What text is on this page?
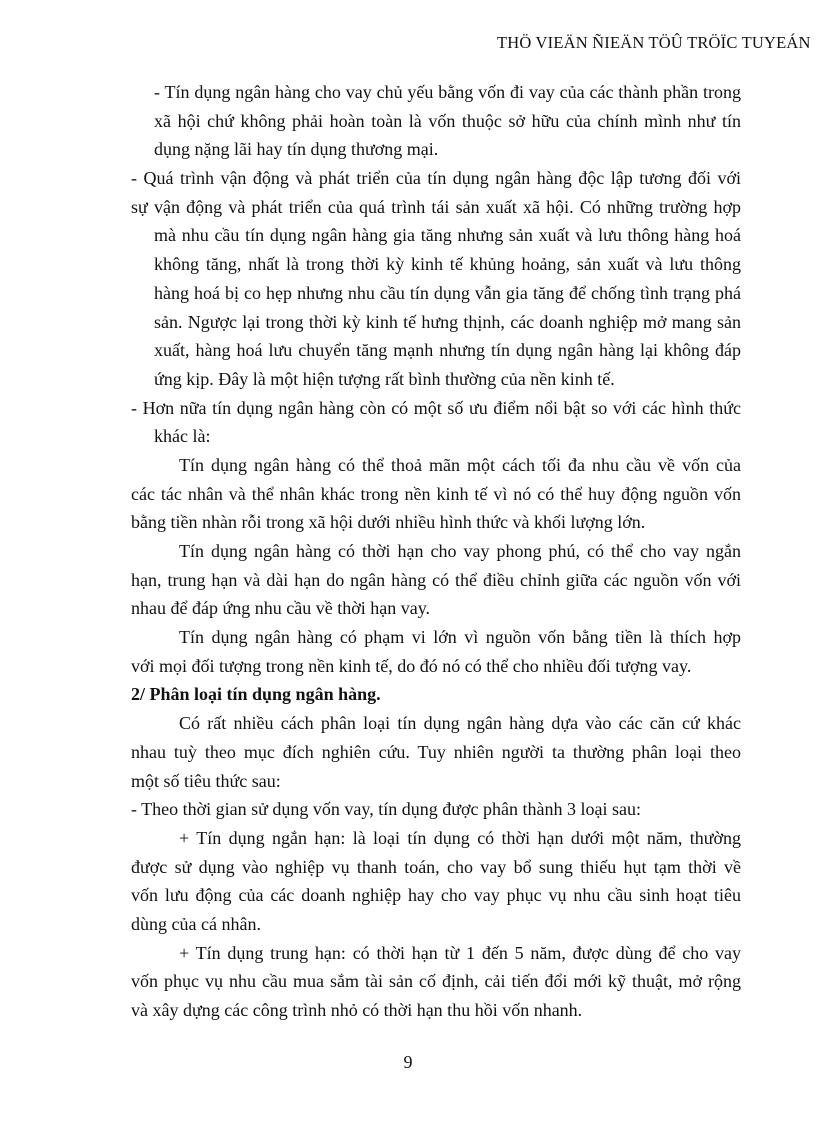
THÖ VIEÄN ÑIEÄN TÖÛ TRÖÏC TUYEÁN
- Tín dụng ngân hàng cho vay chủ yếu bằng vốn đi vay của các thành phần trong
xã hội chứ không phải hoàn toàn là vốn thuộc sở hữu của chính mình như tín
dụng nặng lãi hay tín dụng thương mại.
- Quá trình vận động và phát triển của tín dụng ngân hàng độc lập tương đối với
sự vận động và phát triển của quá trình tái sản xuất xã hội. Có những trường hợp
mà nhu cầu tín dụng ngân hàng gia tăng nhưng sản xuất và lưu thông hàng hoá
không tăng, nhất là trong thời kỳ kinh tế khủng hoảng, sản xuất và lưu thông
hàng hoá bị co hẹp nhưng nhu cầu tín dụng vẫn gia tăng để chống tình trạng phá
sản. Ngược lại trong thời kỳ kinh tế hưng thịnh, các doanh nghiệp mở mang sản
xuất, hàng hoá lưu chuyển tăng mạnh nhưng tín dụng ngân hàng lại không đáp
ứng kịp. Đây là một hiện tượng rất bình thường của nền kinh tế.
- Hơn nữa tín dụng ngân hàng còn có một số ưu điểm nổi bật so với các hình thức
khác là:
Tín dụng ngân hàng có thể thoả mãn một cách tối đa nhu cầu về vốn của
các tác nhân và thể nhân khác trong nền kinh tế vì nó có thể huy động nguồn vốn
bằng tiền nhàn rỗi trong xã hội dưới nhiều hình thức và khối lượng lớn.
Tín dụng ngân hàng có thời hạn cho vay phong phú, có thể cho vay ngắn
hạn, trung hạn và dài hạn do ngân hàng có thể điều chỉnh giữa các nguồn vốn với
nhau để đáp ứng nhu cầu về thời hạn vay.
Tín dụng ngân hàng có phạm vi lớn vì nguồn vốn bằng tiền là thích hợp
với mọi đối tượng trong nền kinh tế, do đó nó có thể cho nhiều đối tượng vay.
2/ Phân loại tín dụng ngân hàng.
Có rất nhiều cách phân loại tín dụng ngân hàng dựa vào các căn cứ khác
nhau tuỳ theo mục đích nghiên cứu. Tuy nhiên người ta thường phân loại theo
một số tiêu thức sau:
- Theo thời gian sử dụng vốn vay, tín dụng được phân thành 3 loại sau:
+ Tín dụng ngắn hạn: là loại tín dụng có thời hạn dưới một năm, thường
được sử dụng vào nghiệp vụ thanh toán, cho vay bổ sung thiếu hụt tạm thời về
vốn lưu động của các doanh nghiệp hay cho vay phục vụ nhu cầu sinh hoạt tiêu
dùng của cá nhân.
+ Tín dụng trung hạn: có thời hạn từ 1 đến 5 năm, được dùng để cho vay
vốn phục vụ nhu cầu mua sắm tài sản cố định, cải tiến đổi mới kỹ thuật, mở rộng
và xây dựng các công trình nhỏ có thời hạn thu hồi vốn nhanh.
9
